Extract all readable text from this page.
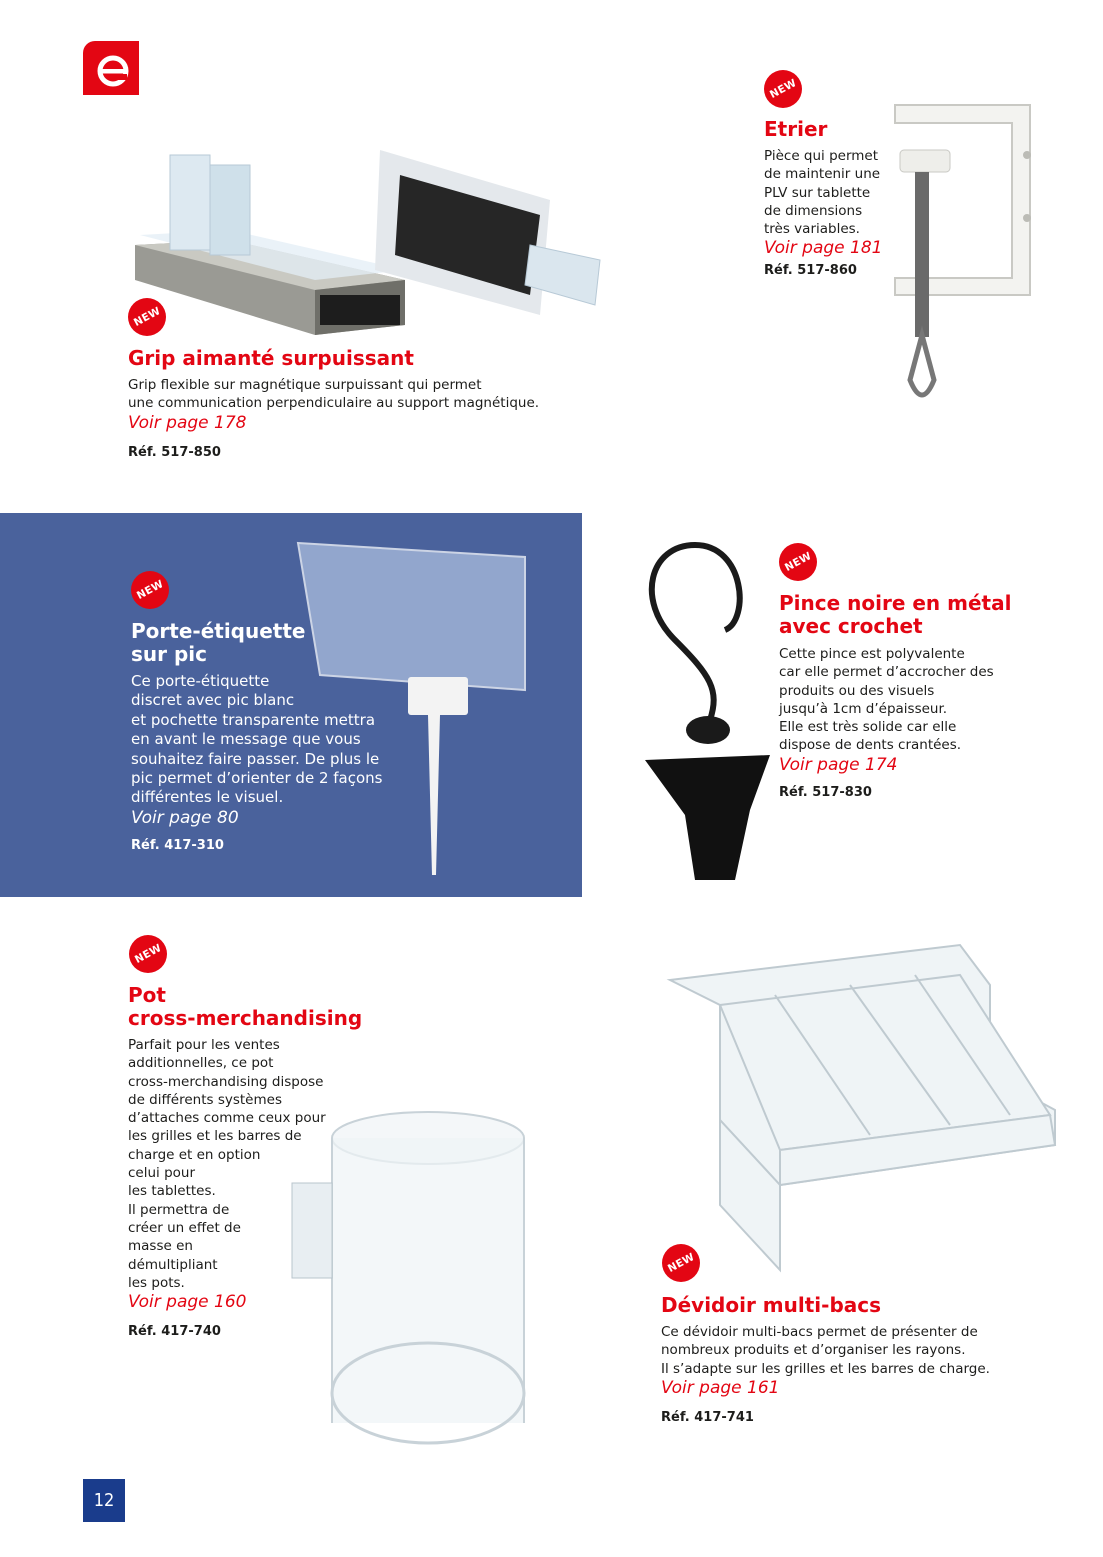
NEW
Grip aimanté surpuissant

Grip flexible sur magnétique surpuissant qui permet
une communication perpendiculaire au support magnétique.

Voir page 178

Réf. 517-850

NEW
Etrier

Pièce qui permet
de maintenir une
PLV sur tablette
de dimensions
très variables.

Voir page 181

Réf. 517-860

NEW
Porte-étiquette
sur pic

Ce porte-étiquette
discret avec pic blanc
et pochette transparente mettra
en avant le message que vous
souhaitez faire passer. De plus le
pic permet d’orienter de 2 façons
différentes le visuel.

Voir page 80

Réf. 417-310

NEW
Pince noire en métal
avec crochet

Cette pince est polyvalente
car elle permet d’accrocher des
produits ou des visuels
jusqu’à 1cm d’épaisseur.
Elle est très solide car elle
dispose de dents crantées.

Voir page 174

Réf. 517-830

NEW
Pot
cross-merchandising

Parfait pour les ventes
additionnelles, ce pot
cross-merchandising dispose
de différents systèmes
d’attaches comme ceux pour
les grilles et les barres de
charge et en option
celui pour
les tablettes.
Il permettra de
créer un effet de
masse en
démultipliant
les pots.

Voir page 160

Réf. 417-740

NEW
Dévidoir multi-bacs

Ce dévidoir multi-bacs permet de présenter de
nombreux produits et d’organiser les rayons.
Il s’adapte sur les grilles et les barres de charge.

Voir page 161

Réf. 417-741

12
